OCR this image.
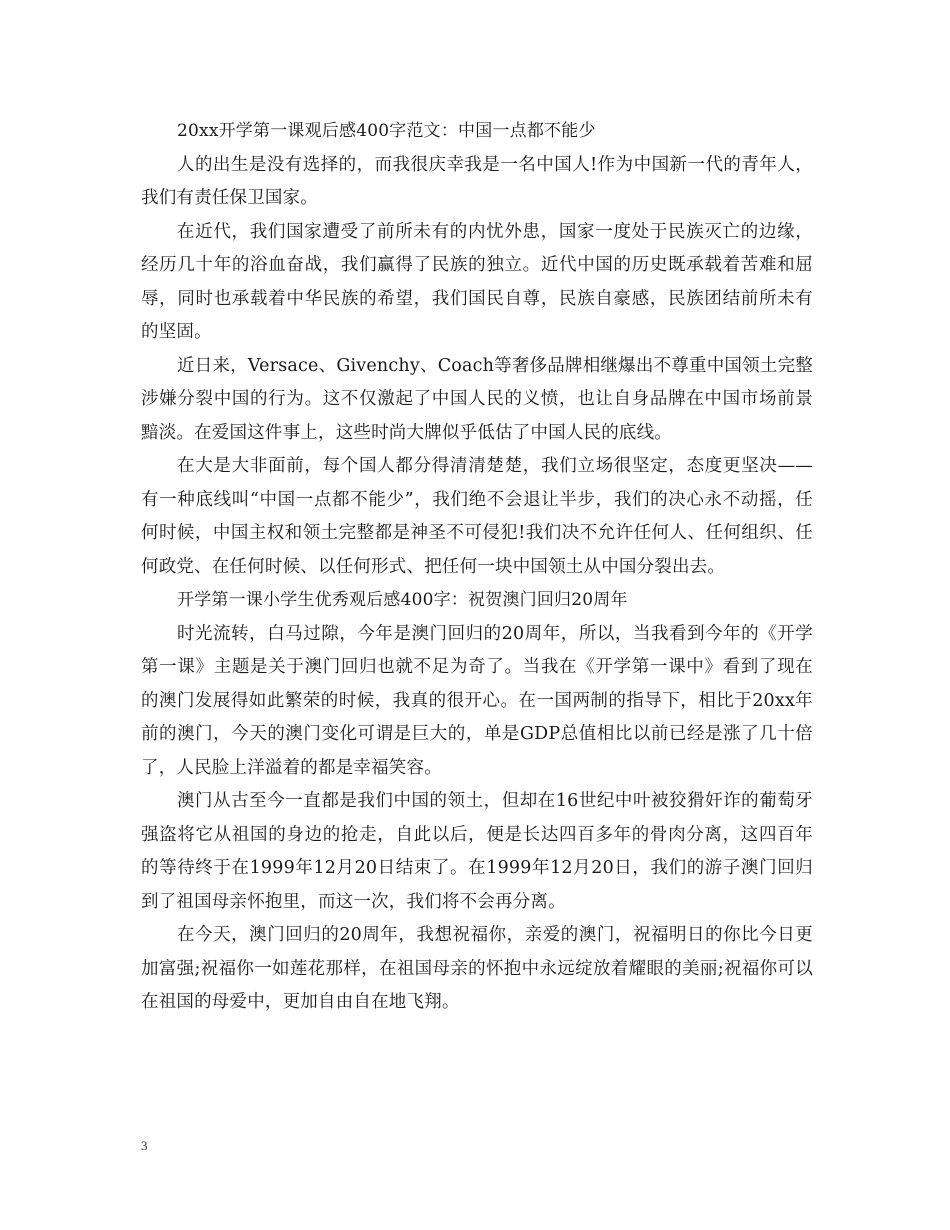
20xx开学第一课观后感400字范文：中国一点都不能少

人的出生是没有选择的，而我很庆幸我是一名中国人!作为中国新一代的青年人，我们有责任保卫国家。

在近代，我们国家遭受了前所未有的内忧外患，国家一度处于民族灭亡的边缘，经历几十年的浴血奋战，我们赢得了民族的独立。近代中国的历史既承载着苦难和屈辱，同时也承载着中华民族的希望，我们国民自尊，民族自豪感，民族团结前所未有的坚固。

近日来，Versace、Givenchy、Coach等奢侈品牌相继爆出不尊重中国领土完整涉嫌分裂中国的行为。这不仅激起了中国人民的义愤，也让自身品牌在中国市场前景黯淡。在爱国这件事上，这些时尚大牌似乎低估了中国人民的底线。

在大是大非面前，每个国人都分得清清楚楚，我们立场很坚定，态度更坚决——有一种底线叫“中国一点都不能少”，我们绝不会退让半步，我们的决心永不动摇，任何时候，中国主权和领土完整都是神圣不可侵犯!我们决不允许任何人、任何组织、任何政党、在任何时候、以任何形式、把任何一块中国领土从中国分裂出去。

开学第一课小学生优秀观后感400字：祝贺澳门回归20周年

时光流转，白马过隙，今年是澳门回归的20周年，所以，当我看到今年的《开学第一课》主题是关于澳门回归也就不足为奇了。当我在《开学第一课中》看到了现在的澳门发展得如此繁荣的时候，我真的很开心。在一国两制的指导下，相比于20xx年前的澳门，今天的澳门变化可谓是巨大的，单是GDP总值相比以前已经是涨了几十倍了，人民脸上洋溢着的都是幸福笑容。

澳门从古至今一直都是我们中国的领土，但却在16世纪中叶被狡猾奸诈的葡萄牙强盗将它从祖国的身边的抢走，自此以后，便是长达四百多年的骨肉分离，这四百年的等待终于在1999年12月20日结束了。在1999年12月20日，我们的游子澳门回归到了祖国母亲怀抱里，而这一次，我们将不会再分离。

在今天，澳门回归的20周年，我想祝福你，亲爱的澳门，祝福明日的你比今日更加富强;祝福你一如莲花那样，在祖国母亲的怀抱中永远绽放着耀眼的美丽;祝福你可以在祖国的母爱中，更加自由自在地飞翔。

3
